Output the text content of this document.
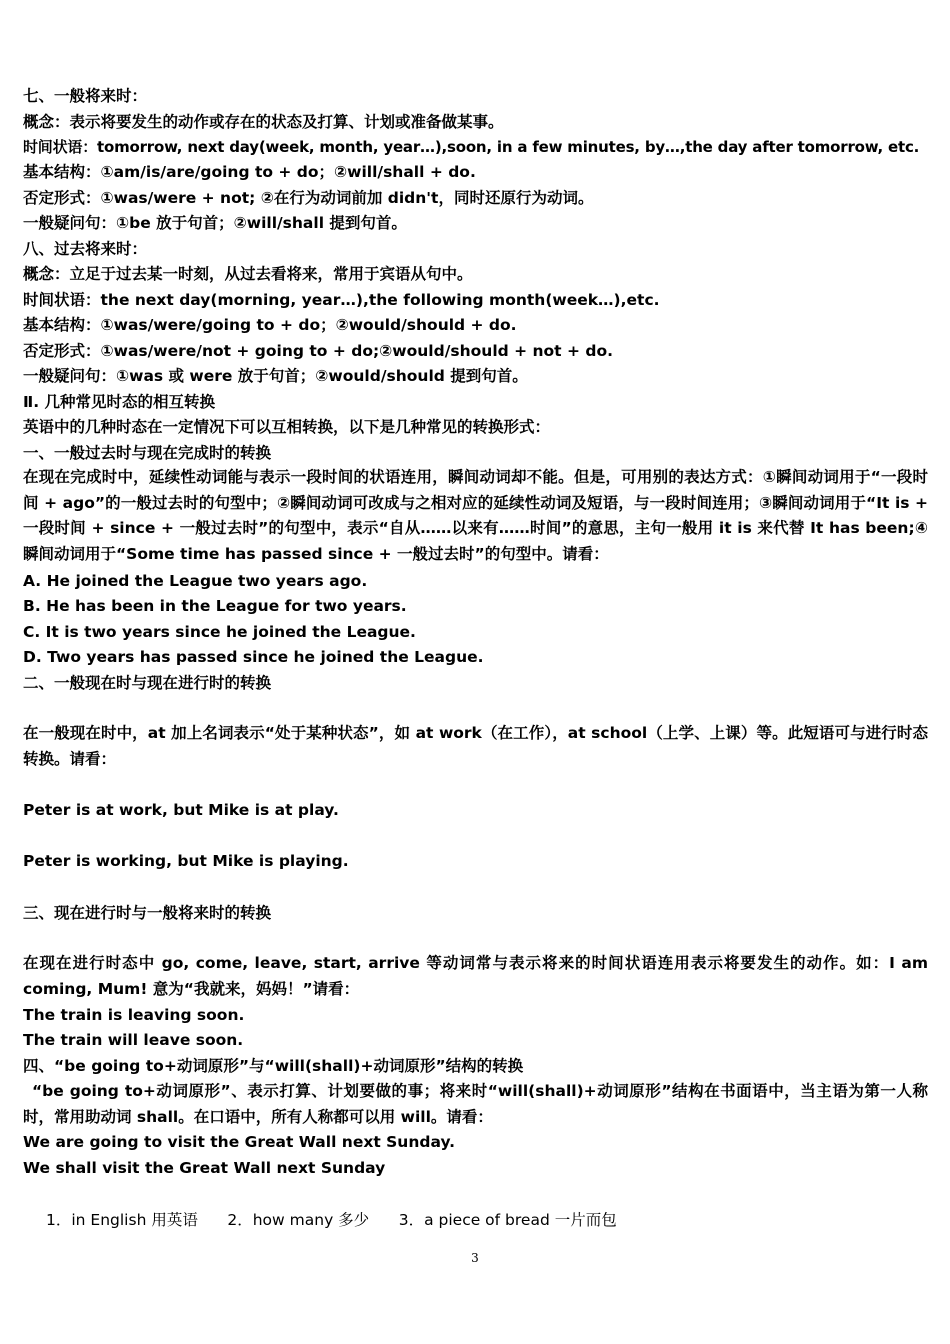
七、一般将来时：

概念：表示将要发生的动作或存在的状态及打算、计划或准备做某事。

时间状语：tomorrow, next day(week, month, year…),soon, in a few minutes, by…,the day after tomorrow, etc.

基本结构：①am/is/are/going to + do；②will/shall + do.

否定形式：①was/were + not; ②在行为动词前加 didn't，同时还原行为动词。

一般疑问句：①be 放于句首；②will/shall 提到句首。

八、过去将来时：

概念：立足于过去某一时刻，从过去看将来，常用于宾语从句中。

时间状语：the next day(morning, year…),the following month(week…),etc.

基本结构：①was/were/going to + do；②would/should + do.

否定形式：①was/were/not + going to + do;②would/should + not + do.

一般疑问句：①was 或 were 放于句首；②would/should 提到句首。

Ⅱ. 几种常见时态的相互转换

英语中的几种时态在一定情况下可以互相转换，以下是几种常见的转换形式：

一、一般过去时与现在完成时的转换

在现在完成时中，延续性动词能与表示一段时间的状语连用，瞬间动词却不能。但是，可用别的表达方式：①瞬间动词用于“一段时间 + ago”的一般过去时的句型中；②瞬间动词可改成与之相对应的延续性动词及短语，与一段时间连用；③瞬间动词用于“It is + 一段时间 + since + 一般过去时”的句型中，表示“自从……以来有……时间”的意思，主句一般用 it is 来代替 It has been;④瞬间动词用于“Some time has passed since + 一般过去时”的句型中。请看：

A. He joined the League two years ago.

B. He has been in the League for two years.

C. It is two years since he joined the League.

D. Two years has passed since he joined the League.

二、一般现在时与现在进行时的转换

在一般现在时中，at 加上名词表示“处于某种状态”，如 at work（在工作），at school（上学、上课）等。此短语可与进行时态转换。请看：

Peter is at work, but Mike is at play.

Peter is working, but Mike is playing.

三、现在进行时与一般将来时的转换

在现在进行时态中 go, come, leave, start, arrive 等动词常与表示将来的时间状语连用表示将要发生的动作。如：I am coming, Mum! 意为“我就来，妈妈！”请看：

The train is leaving soon.

The train will leave soon.

四、“be going to+动词原形”与“will(shall)+动词原形”结构的转换

“be going to+动词原形”、表示打算、计划要做的事；将来时“will(shall)+动词原形”结构在书面语中，当主语为第一人称时，常用助动词 shall。在口语中，所有人称都可以用 will。请看：

We are going to visit the Great Wall next Sunday.

We shall visit the Great Wall next Sunday

1．in English 用英语      2．how many 多少      3．a piece of bread 一片而包
3
